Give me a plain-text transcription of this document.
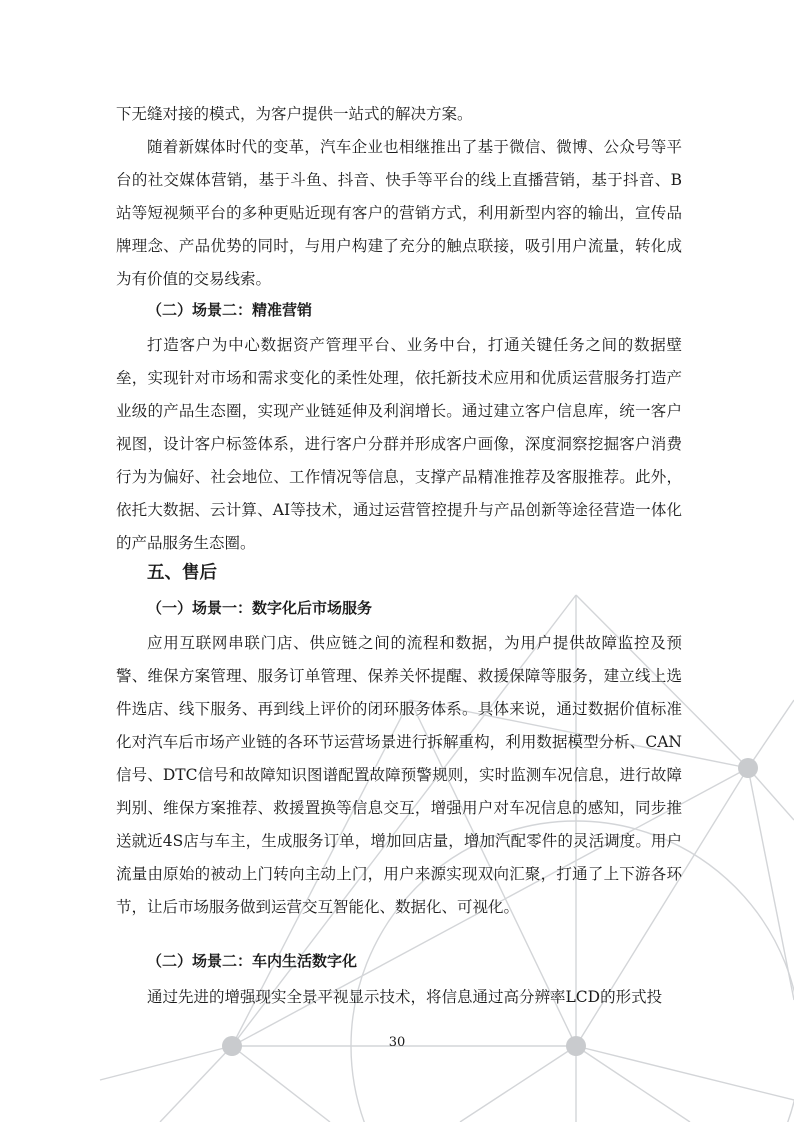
下无缝对接的模式，为客户提供一站式的解决方案。

随着新媒体时代的变革，汽车企业也相继推出了基于微信、微博、公众号等平台的社交媒体营销，基于斗鱼、抖音、快手等平台的线上直播营销，基于抖音、B站等短视频平台的多种更贴近现有客户的营销方式，利用新型内容的输出，宣传品牌理念、产品优势的同时，与用户构建了充分的触点联接，吸引用户流量，转化成为有价值的交易线索。

（二）场景二：精准营销

打造客户为中心数据资产管理平台、业务中台，打通关键任务之间的数据壁垒，实现针对市场和需求变化的柔性处理，依托新技术应用和优质运营服务打造产业级的产品生态圈，实现产业链延伸及利润增长。通过建立客户信息库，统一客户视图，设计客户标签体系，进行客户分群并形成客户画像，深度洞察挖掘客户消费行为为偏好、社会地位、工作情况等信息，支撑产品精准推荐及客服推荐。此外，依托大数据、云计算、AI等技术，通过运营管控提升与产品创新等途径营造一体化的产品服务生态圈。

五、售后

（一）场景一：数字化后市场服务

应用互联网串联门店、供应链之间的流程和数据，为用户提供故障监控及预警、维保方案管理、服务订单管理、保养关怀提醒、救援保障等服务，建立线上选件选店、线下服务、再到线上评价的闭环服务体系。具体来说，通过数据价值标准化对汽车后市场产业链的各环节运营场景进行拆解重构，利用数据模型分析、CAN信号、DTC信号和故障知识图谱配置故障预警规则，实时监测车况信息，进行故障判别、维保方案推荐、救援置换等信息交互，增强用户对车况信息的感知，同步推送就近4S店与车主，生成服务订单，增加回店量，增加汽配零件的灵活调度。用户流量由原始的被动上门转向主动上门，用户来源实现双向汇聚，打通了上下游各环节，让后市场服务做到运营交互智能化、数据化、可视化。

（二）场景二：车内生活数字化

通过先进的增强现实全景平视显示技术，将信息通过高分辨率LCD的形式投

30
